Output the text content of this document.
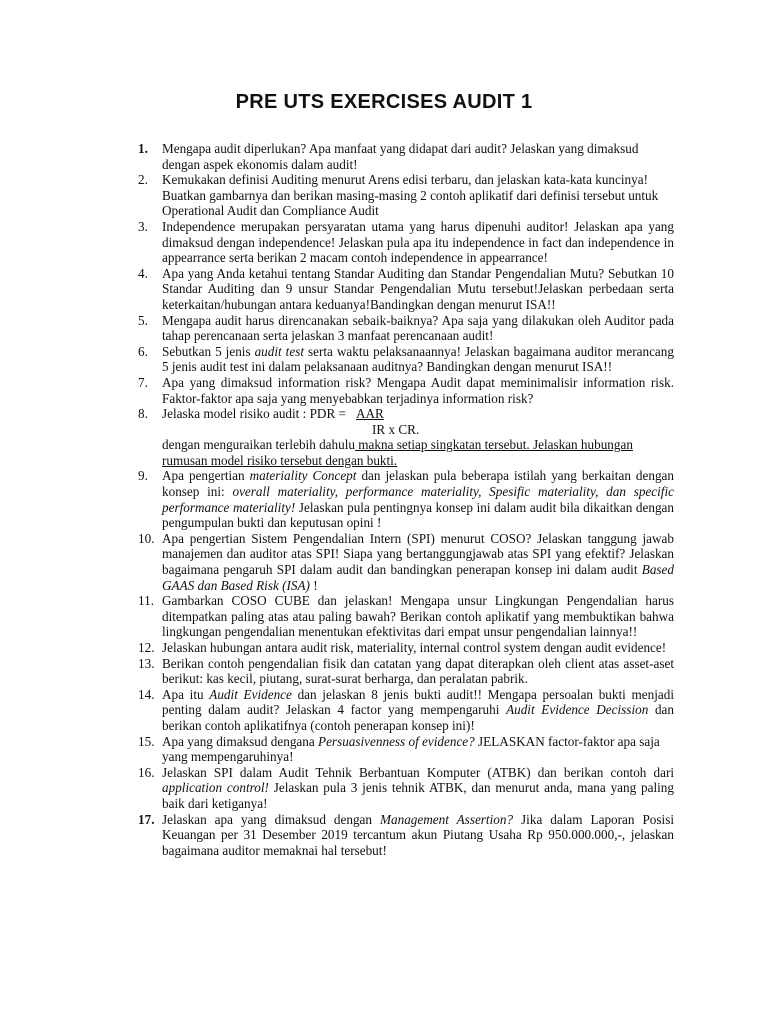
PRE UTS EXERCISES AUDIT 1
1.	Mengapa audit diperlukan? Apa manfaat yang didapat dari audit? Jelaskan yang dimaksud dengan aspek ekonomis dalam audit!
2.	Kemukakan definisi Auditing menurut Arens edisi terbaru, dan jelaskan kata-kata kuncinya! Buatkan gambarnya dan berikan masing-masing 2 contoh aplikatif dari definisi tersebut untuk Operational Audit dan Compliance Audit
3.	Independence merupakan persyaratan utama yang harus dipenuhi auditor! Jelaskan apa yang dimaksud dengan independence! Jelaskan pula apa itu independence in fact dan independence in appearrance serta berikan 2 macam contoh independence in appearrance!
4.	Apa yang Anda ketahui tentang Standar Auditing dan Standar Pengendalian Mutu? Sebutkan 10 Standar Auditing dan 9 unsur Standar Pengendalian Mutu tersebut!Jelaskan perbedaan serta keterkaitan/hubungan antara keduanya!Bandingkan dengan menurut ISA!!
5.	Mengapa audit harus direncanakan sebaik-baiknya? Apa saja yang dilakukan oleh Auditor pada tahap perencanaan serta jelaskan 3 manfaat perencanaan audit!
6.	Sebutkan 5 jenis audit test serta waktu pelaksanaannya! Jelaskan bagaimana auditor merancang 5 jenis audit test ini dalam pelaksanaan auditnya? Bandingkan dengan menurut ISA!!
7.	Apa yang dimaksud information risk? Mengapa Audit dapat meminimalisir information risk. Faktor-faktor apa saja yang menyebabkan terjadinya information risk?
8.	Jelaska model risiko audit : PDR = AAR
IR x CR.
dengan menguraikan terlebih dahulu makna setiap singkatan tersebut. Jelaskan hubungan rumusan model risiko tersebut dengan bukti.
9.	Apa pengertian materiality Concept dan jelaskan pula beberapa istilah yang berkaitan dengan konsep ini: overall materiality, performance materiality, Spesific materiality, dan specific performance materiality! Jelaskan pula pentingnya konsep ini dalam audit bila dikaitkan dengan pengumpulan bukti dan keputusan opini !
10. Apa pengertian Sistem Pengendalian Intern (SPI) menurut COSO? Jelaskan tanggung jawab manajemen dan auditor atas SPI! Siapa yang bertanggungjawab atas SPI yang efektif? Jelaskan bagaimana pengaruh SPI dalam audit dan bandingkan penerapan konsep ini dalam audit Based GAAS dan Based Risk (ISA) !
11. Gambarkan COSO CUBE dan jelaskan! Mengapa unsur Lingkungan Pengendalian harus ditempatkan paling atas atau paling bawah? Berikan contoh aplikatif yang membuktikan bahwa lingkungan pengendalian menentukan efektivitas dari empat unsur pengendalian lainnya!!
12. Jelaskan hubungan antara audit risk, materiality, internal control system dengan audit evidence!
13. Berikan contoh pengendalian fisik dan catatan yang dapat diterapkan oleh client atas asset-aset berikut: kas kecil, piutang, surat-surat berharga, dan peralatan pabrik.
14. Apa itu Audit Evidence dan jelaskan 8 jenis bukti audit!! Mengapa persoalan bukti menjadi penting dalam audit? Jelaskan 4 factor yang mempengaruhi Audit Evidence Decission dan berikan contoh aplikatifnya (contoh penerapan konsep ini)!
15. Apa yang dimaksud dengana Persuasivenness of evidence? JELASKAN factor-faktor apa saja yang mempengaruhinya!
16. Jelaskan SPI dalam Audit Tehnik Berbantuan Komputer (ATBK) dan berikan contoh dari application control! Jelaskan pula 3 jenis tehnik ATBK, dan menurut anda, mana yang paling baik dari ketiganya!
17. Jelaskan apa yang dimaksud dengan Management Assertion? Jika dalam Laporan Posisi Keuangan per 31 Desember 2019 tercantum akun Piutang Usaha Rp 950.000.000,-, jelaskan bagaimana auditor memaknai hal tersebut!
